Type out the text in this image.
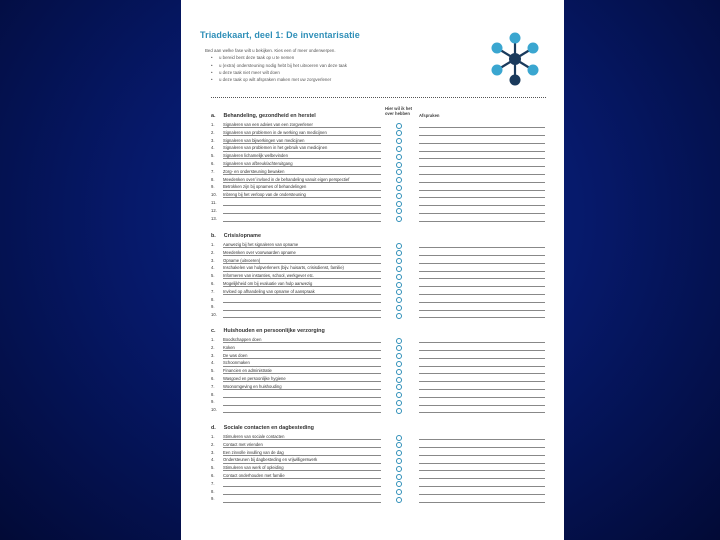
Triadekaart, deel 1: De inventarisatie
Bed aan welke fase wilt u bekijken. Kies een of meer onderwerpen.
• u bereid bent deze taak op u te nemen
• u (extra) ondersteuning nodig hebt bij het uitvoeren van deze taak
• u deze taak niet meer wilt doen
• u deze taak op wilt afspraken maken met uw zorgverlener
Hier wil ik het over hebben	Afspraken
a. Behandeling, gezondheid en herstel
1.	Signaleren van een advies van een zorgverlener
2.	Signaleren van problemen in de werking van medicijnen
3.	Signaleren van bijwerkingen van medicijnen
4.	Signaleren van problemen in het gebruik van medicijnen
5.	Signaleren lichamelijk welbevinden
6.	Signaleren van afbreuk/achteruitgang
7.	Zorg- en ondersteuning bewaken
8.	Meedenken over/ invloed in de behandeling vanuit eigen perspectief
9.	Betrokken zijn bij opnames of behandelingen
10.	Inbreng bij het verloop van de ondersteuning
11.
12.
13.
b. Crisis/opname
1.	Aanwezig bij het signaleren van opname
2.	Meedenken over voorwaarden opname
3.	Opname (uitvoeren)
4.	Inschakelen van hulpverleners (bijv. huisarts, crisisdienst, familie)
5.	Informeren van instanties, school, werkgever etc.
6.	Mogelijkheid om bij evaluatie van hulp aanwezig
7.	Invloed op afhandeling van opname of aanspraak
8.
9.
10.
c. Huishouden en persoonlijke verzorging
1.	Boodschappen doen
2.	Koken
3.	De was doen
4.	Schoonmaken
5.	Financien en administratie
6.	Wasgoed en persoonlijke hygiene
7.	Woonomgeving en huishouding
8.
9.
10.
d. Sociale contacten en dagbesteding
1.	Stimuleren van sociale contacten
2.	Contact met vrienden
3.	Een zinvolle invulling van de dag
4.	Ondersteunen bij dagbesteding en vrijwilligerswerk
5.	Stimuleren van werk of opleiding
6.	Contact onderhouden met familie
7.
8.
9.
